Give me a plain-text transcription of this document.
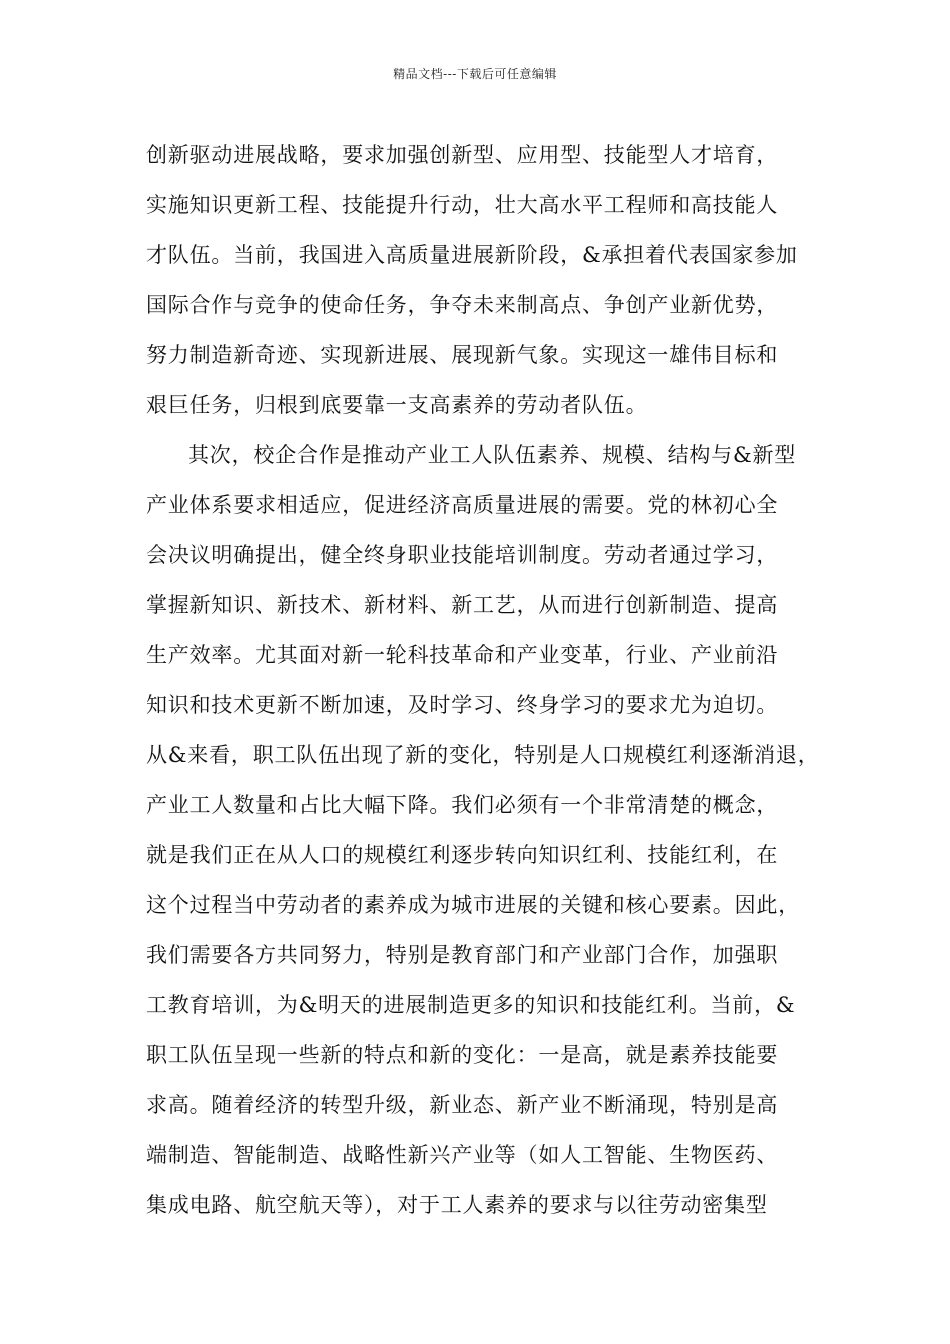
精品文档---下载后可任意编辑
创新驱动进展战略，要求加强创新型、应用型、技能型人才培育，
实施知识更新工程、技能提升行动，壮大高水平工程师和高技能人
才队伍。当前，我国进入高质量进展新阶段，&承担着代表国家参加
国际合作与竞争的使命任务，争夺未来制高点、争创产业新优势，
努力制造新奇迹、实现新进展、展现新气象。实现这一雄伟目标和
艰巨任务，归根到底要靠一支高素养的劳动者队伍。
其次，校企合作是推动产业工人队伍素养、规模、结构与&新型
产业体系要求相适应，促进经济高质量进展的需要。党的林初心全
会决议明确提出，健全终身职业技能培训制度。劳动者通过学习，
掌握新知识、新技术、新材料、新工艺，从而进行创新制造、提高
生产效率。尤其面对新一轮科技革命和产业变革，行业、产业前沿
知识和技术更新不断加速，及时学习、终身学习的要求尤为迫切。
从&来看，职工队伍出现了新的变化，特别是人口规模红利逐渐消退，
产业工人数量和占比大幅下降。我们必须有一个非常清楚的概念，
就是我们正在从人口的规模红利逐步转向知识红利、技能红利，在
这个过程当中劳动者的素养成为城市进展的关键和核心要素。因此，
我们需要各方共同努力，特别是教育部门和产业部门合作，加强职
工教育培训，为&明天的进展制造更多的知识和技能红利。当前，&
职工队伍呈现一些新的特点和新的变化：一是高，就是素养技能要
求高。随着经济的转型升级，新业态、新产业不断涌现，特别是高
端制造、智能制造、战略性新兴产业等（如人工智能、生物医药、
集成电路、航空航天等），对于工人素养的要求与以往劳动密集型
